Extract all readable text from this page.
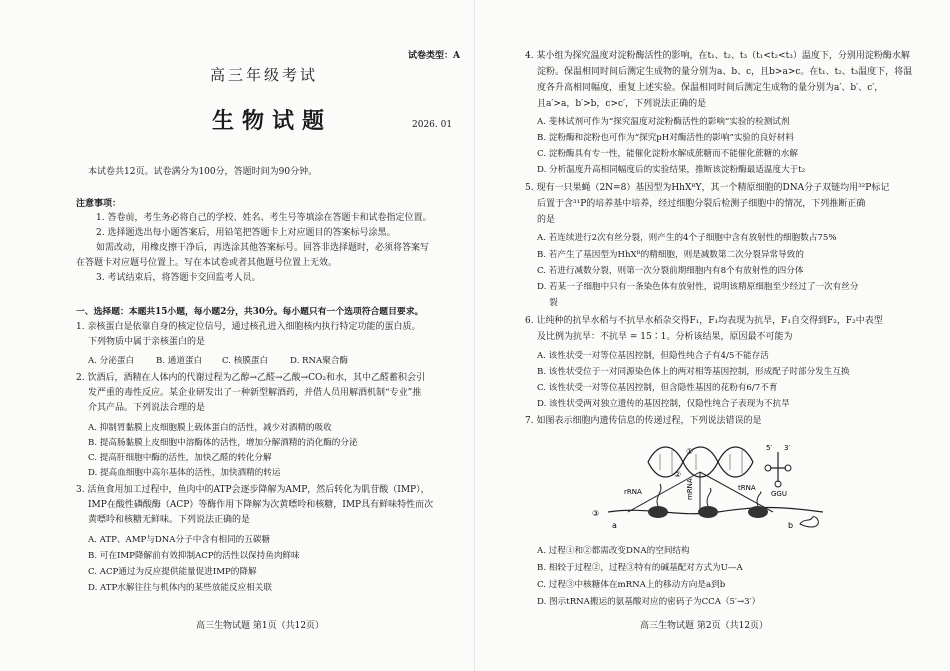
试卷类型：A
高三年级考试
生物试题	2026. 01
本试卷共12页。试卷满分为100分，答题时间为90分钟。
注意事项：
1. 答卷前，考生务必将自己的学校、姓名、考生号等填涂在答题卡和试卷指定位置。
2. 选择题选出每小题答案后，用铅笔把答题卡上对应题目的答案标号涂黑。
如需改动，用橡皮擦干净后，再选涂其他答案标号。回答非选择题时，必须将答案写
在答题卡对应题号位置上。写在本试卷或者其他题号位置上无效。
3. 考试结束后，将答题卡交回监考人员。
一、选择题：本题共15小题，每小题2分，共30分。每小题只有一个选项符合题目要求。
1. 亲核蛋白是依靠自身的核定位信号，通过核孔进入细胞核内执行特定功能的蛋白质。
下列物质中属于亲核蛋白的是
A. 分泌蛋白	B. 通道蛋白 C. 核膜蛋白	D. RNA聚合酶
2. 饮酒后，酒精在人体内的代谢过程为乙醇→乙醛→乙酸→CO₂和水，其中乙醛蓄积会引
发严重的毒性反应。某企业研发出了一种新型解酒药，并借人员用解酒机制“专业”推
介其产品。下列说法合理的是
A. 抑制胃黏膜上皮细胞膜上载体蛋白的活性，减少对酒精的吸收
B. 提高肠黏膜上皮细胞中溶酶体的活性，增加分解酒精的消化酶的分泌
C. 提高肝细胞中酶的活性，加快乙醛的转化分解
D. 提高血细胞中高尔基体的活性，加快酒精的转运
3. 活鱼食用加工过程中，鱼肉中的ATP会逐步降解为AMP，然后转化为肌苷酸（IMP），
IMP在酸性磷酸酶（ACP）等酶作用下降解为次黄嘌呤和核糖，IMP具有鲜味特性而次
黄嘌呤和核糖无鲜味。下列说法正确的是
A. ATP、AMP与DNA分子中含有相同的五碳糖
B. 可在IMP降解前有效抑制ACP的活性以保持鱼肉鲜味
C. ACP通过为反应提供能量促进IMP的降解
D. ATP水解往往与机体内的某些放能反应相关联
高三生物试题 第1页（共12页）
4. 某小组为探究温度对淀粉酶活性的影响，在t₁、t₂、t₃（t₁<t₂<t₃）温度下，分别用淀粉酶水解
淀粉。保温相同时间后测定生成物的量分别为a、b、c，且b>a>c。在t₁、t₂、t₃温度下，将温
度各升高相同幅度，重复上述实验。保温相同时间后测定生成物的量分别为a′、b′、c′，
且a′>a，b′>b，c>c′，下列说法正确的是
A. 斐林试剂可作为“探究温度对淀粉酶活性的影响”实验的检测试剂
B. 淀粉酶和淀粉也可作为“探究pH对酶活性的影响”实验的良好材料
C. 淀粉酶具有专一性，能催化淀粉水解成蔗糖而不能催化蔗糖的水解
D. 分析温度升高相同幅度后的实验结果，推断该淀粉酶最适温度大于t₂
5. 现有一只果蝇（2N=8）基因型为HhXᴮY，其一个精原细胞的DNA分子双链均用³²P标记
后置于含³¹P的培养基中培养，经过细胞分裂后检测子细胞中的情况，下列推断正确
的是
A. 若连续进行2次有丝分裂，则产生的4个子细胞中含有放射性的细胞数占75%
B. 若产生了基因型为HhXᴮ的精细胞，则是减数第二次分裂异常导致的
C. 若进行减数分裂，则第一次分裂前期细胞内有8个有放射性的四分体
D. 若某一子细胞中只有一条染色体有放射性，说明该精原细胞至少经过了一次有丝分
裂
6. 让纯种的抗旱水稻与不抗旱水稻杂交得F₁，F₁均表现为抗旱，F₁自交得到F₂，F₂中表型
及比例为抗旱：不抗旱 = 15∶1。分析该结果，原因最不可能为
A. 该性状受一对等位基因控制，但隐性纯合子有4/5不能存活
B. 该性状受位于一对同源染色体上的两对相等基因控制，形成配子时部分发生互换
C. 该性状受一对等位基因控制，但含隐性基因的花粉有6/7不育
D. 该性状受两对独立遗传的基因控制，仅隐性纯合子表现为不抗旱
7. 如图表示细胞内遗传信息的传递过程，下列说法错误的是
A. 过程①和②都需改变DNA的空间结构
B. 相较于过程②，过程③特有的碱基配对方式为U—A
C. 过程③中核糖体在mRNA上的移动方向是a到b
D. 图示tRNA搬运的氨基酸对应的密码子为CCA（5′→3′）
高三生物试题 第2页（共12页）
①
②
③
rRNA	mRNA	tRNA
5′ 3′
GGU
a	b
